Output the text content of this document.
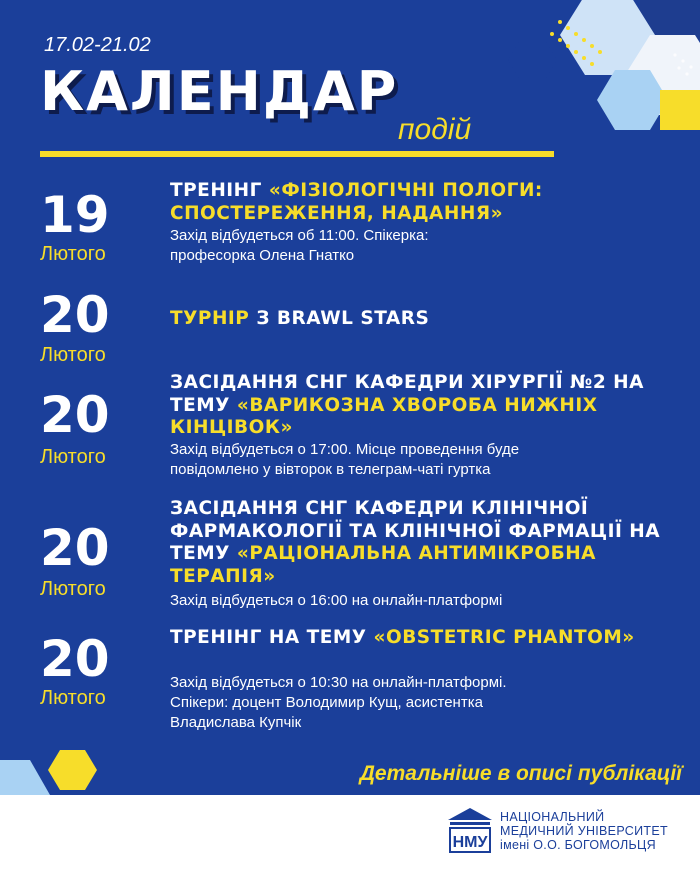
17.02-21.02
КАЛЕНДАР
подій
19
Лютого
ТРЕНІНГ «ФІЗІОЛОГІЧНІ ПОЛОГИ: СПОСТЕРЕЖЕННЯ, НАДАННЯ»
Захід відбудеться об 11:00. Спікерка:
професорка Олена Гнатко
20
Лютого
ТУРНІР З BRAWL STARS
20
Лютого
ЗАСІДАННЯ СНГ КАФЕДРИ ХІРУРГІЇ №2 НА ТЕМУ «ВАРИКОЗНА ХВОРОБА НИЖНІХ КІНЦІВОК»
Захід відбудеться о 17:00. Місце проведення буде
повідомлено у вівторок в телеграм-чаті гуртка
20
Лютого
ЗАСІДАННЯ СНГ КАФЕДРИ КЛІНІЧНОЇ ФАРМАКОЛОГІЇ ТА КЛІНІЧНОЇ ФАРМАЦІЇ НА ТЕМУ «РАЦІОНАЛЬНА АНТИМІКРОБНА ТЕРАПІЯ»
Захід відбудеться о 16:00 на онлайн-платформі
20
Лютого
ТРЕНІНГ НА ТЕМУ «OBSTETRIC PHANTOM»
Захід відбудеться о 10:30 на онлайн-платформі.
Спікери: доцент Володимир Кущ, асистентка
Владислава Купчік
Детальніше в описі публікації
НМУ
НАЦІОНАЛЬНИЙ
МЕДИЧНИЙ УНІВЕРСИТЕТ
імені О.О. БОГОМОЛЬЦЯ
